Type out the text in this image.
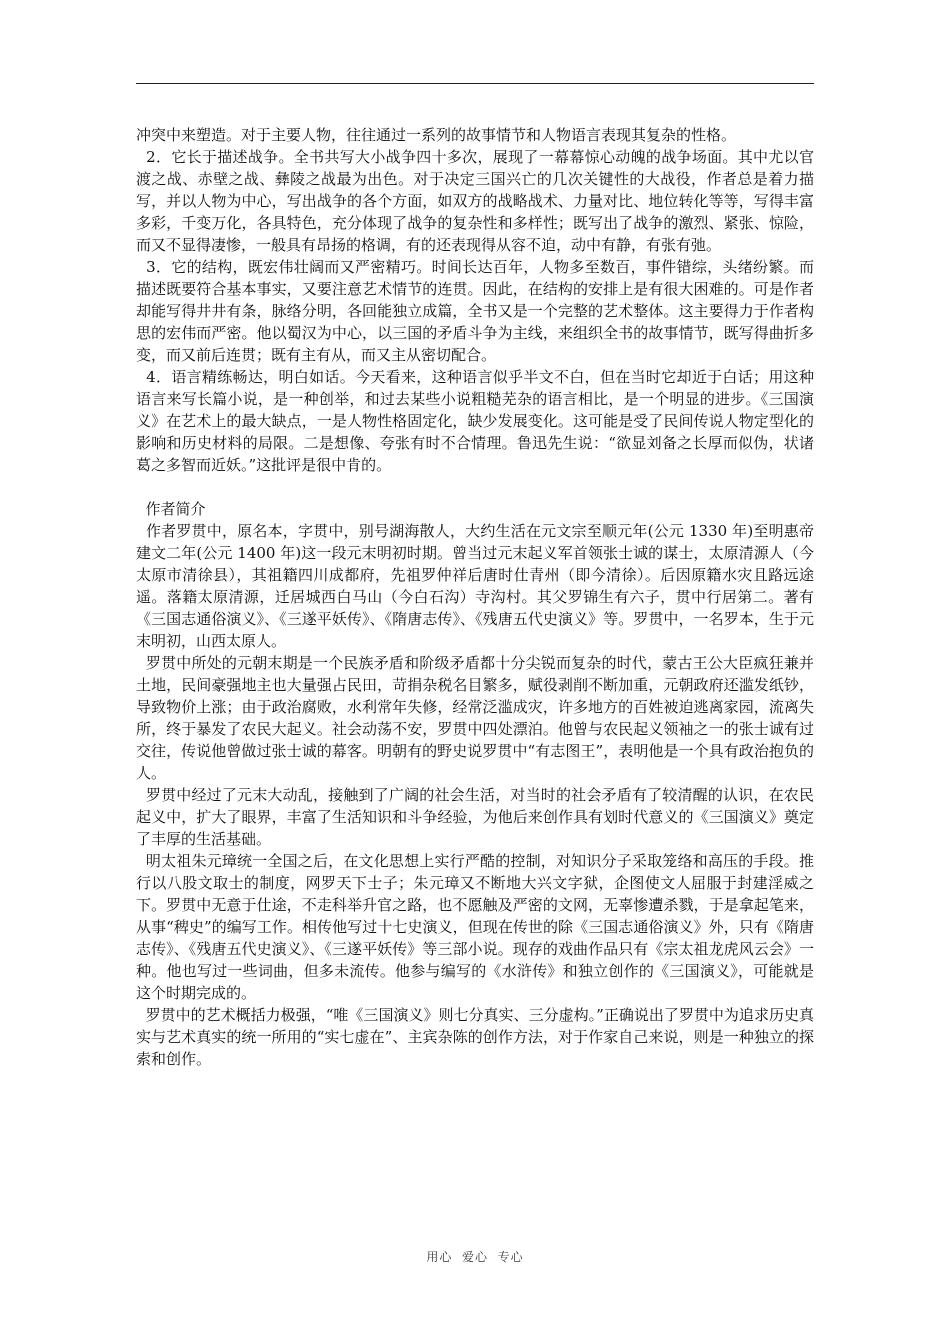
冲突中来塑造。对于主要人物，往往通过一系列的故事情节和人物语言表现其复杂的性格。

2．它长于描述战争。全书共写大小战争四十多次，展现了一幕幕惊心动魄的战争场面。其中尤以官渡之战、赤壁之战、彝陵之战最为出色。对于决定三国兴亡的几次关键性的大战役，作者总是着力描写，并以人物为中心，写出战争的各个方面，如双方的战略战术、力量对比、地位转化等等，写得丰富多彩，千变万化，各具特色，充分体现了战争的复杂性和多样性；既写出了战争的激烈、紧张、惊险，而又不显得凄惨，一般具有昂扬的格调，有的还表现得从容不迫，动中有静，有张有弛。

3．它的结构，既宏伟壮阔而又严密精巧。时间长达百年，人物多至数百，事件错综，头绪纷繁。而描述既要符合基本事实，又要注意艺术情节的连贯。因此，在结构的安排上是有很大困难的。可是作者却能写得井井有条，脉络分明，各回能独立成篇，全书又是一个完整的艺术整体。这主要得力于作者构思的宏伟而严密。他以蜀汉为中心，以三国的矛盾斗争为主线，来组织全书的故事情节，既写得曲折多变，而又前后连贯；既有主有从，而又主从密切配合。

4．语言精练畅达，明白如话。今天看来，这种语言似乎半文不白，但在当时它却近于白话；用这种语言来写长篇小说，是一种创举，和过去某些小说粗糙芜杂的语言相比，是一个明显的进步。《三国演义》在艺术上的最大缺点，一是人物性格固定化，缺少发展变化。这可能是受了民间传说人物定型化的影响和历史材料的局限。二是想像、夸张有时不合情理。鲁迅先生说：“欲显刘备之长厚而似伪，状诸葛之多智而近妖。”这批评是很中肯的。

作者简介

作者罗贯中，原名本，字贯中，别号湖海散人，大约生活在元文宗至顺元年(公元 1330 年)至明惠帝建文二年(公元 1400 年)这一段元末明初时期。曾当过元末起义军首领张士诚的谋士，太原清源人（今太原市清徐县），其祖籍四川成都府，先祖罗仲祥后唐时仕青州（即今清徐）。后因原籍水灾且路远途遥。落籍太原清源，迁居城西白马山（今白石沟）寺沟村。其父罗锦生有六子，贯中行居第二。著有《三国志通俗演义》、《三遂平妖传》、《隋唐志传》、《残唐五代史演义》等。罗贯中，一名罗本，生于元末明初，山西太原人。

罗贯中所处的元朝末期是一个民族矛盾和阶级矛盾都十分尖锐而复杂的时代，蒙古王公大臣疯狂兼并土地，民间豪强地主也大量强占民田，苛捐杂税名目繁多，赋役剥削不断加重，元朝政府还滥发纸钞，导致物价上涨；由于政治腐败，水利常年失修，经常泛滥成灾，许多地方的百姓被迫逃离家园，流离失所，终于暴发了农民大起义。社会动荡不安，罗贯中四处漂泊。他曾与农民起义领袖之一的张士诚有过交往，传说他曾做过张士诚的幕客。明朝有的野史说罗贯中“有志图王”，表明他是一个具有政治抱负的人。

罗贯中经过了元末大动乱，接触到了广阔的社会生活，对当时的社会矛盾有了较清醒的认识，在农民起义中，扩大了眼界，丰富了生活知识和斗争经验，为他后来创作具有划时代意义的《三国演义》奠定了丰厚的生活基础。

明太祖朱元璋统一全国之后，在文化思想上实行严酷的控制，对知识分子采取笼络和高压的手段。推行以八股文取士的制度，网罗天下士子；朱元璋又不断地大兴文字狱，企图使文人屈服于封建淫威之下。罗贯中无意于仕途，不走科举升官之路，也不愿触及严密的文网，无辜惨遭杀戮，于是拿起笔来，从事“稗史”的编写工作。相传他写过十七史演义，但现在传世的除《三国志通俗演义》外，只有《隋唐志传》、《残唐五代史演义》、《三遂平妖传》等三部小说。现存的戏曲作品只有《宗太祖龙虎风云会》一种。他也写过一些词曲，但多未流传。他参与编写的《水浒传》和独立创作的《三国演义》，可能就是这个时期完成的。

罗贯中的艺术概括力极强，“唯《三国演义》则七分真实、三分虚构。”正确说出了罗贯中为追求历史真实与艺术真实的统一所用的“实七虚在”、主宾杂陈的创作方法，对于作家自己来说，则是一种独立的探索和创作。

用心  爱心  专心
